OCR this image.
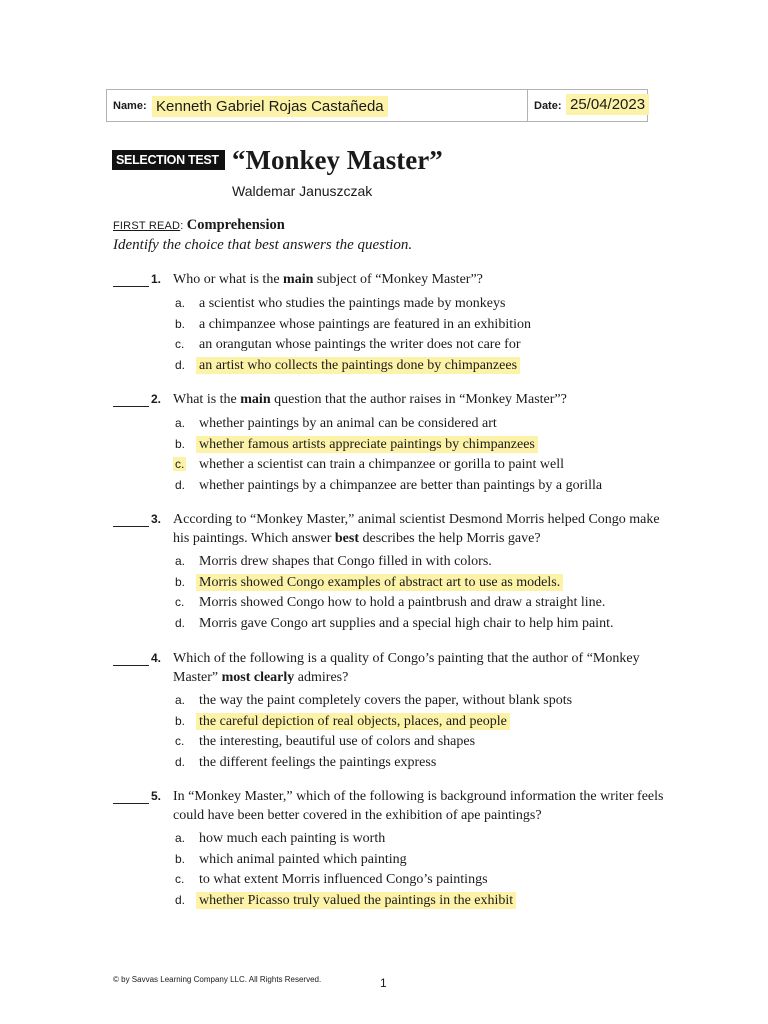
Name: Kenneth Gabriel Rojas Castañeda	Date: 25/04/2023
SELECTION TEST “Monkey Master”
Waldemar Januszczak
FIRST READ: Comprehension
Identify the choice that best answers the question.
1. Who or what is the main subject of “Monkey Master”?
a. a scientist who studies the paintings made by monkeys
b. a chimpanzee whose paintings are featured in an exhibition
c. an orangutan whose paintings the writer does not care for
d. an artist who collects the paintings done by chimpanzees
2. What is the main question that the author raises in “Monkey Master”?
a. whether paintings by an animal can be considered art
b. whether famous artists appreciate paintings by chimpanzees
c. whether a scientist can train a chimpanzee or gorilla to paint well
d. whether paintings by a chimpanzee are better than paintings by a gorilla
3. According to “Monkey Master,” animal scientist Desmond Morris helped Congo make his paintings. Which answer best describes the help Morris gave?
a. Morris drew shapes that Congo filled in with colors.
b. Morris showed Congo examples of abstract art to use as models.
c. Morris showed Congo how to hold a paintbrush and draw a straight line.
d. Morris gave Congo art supplies and a special high chair to help him paint.
4. Which of the following is a quality of Congo’s painting that the author of “Monkey Master” most clearly admires?
a. the way the paint completely covers the paper, without blank spots
b. the careful depiction of real objects, places, and people
c. the interesting, beautiful use of colors and shapes
d. the different feelings the paintings express
5. In “Monkey Master,” which of the following is background information the writer feels could have been better covered in the exhibition of ape paintings?
a. how much each painting is worth
b. which animal painted which painting
c. to what extent Morris influenced Congo’s paintings
d. whether Picasso truly valued the paintings in the exhibit
© by Savvas Learning Company LLC. All Rights Reserved.	1
